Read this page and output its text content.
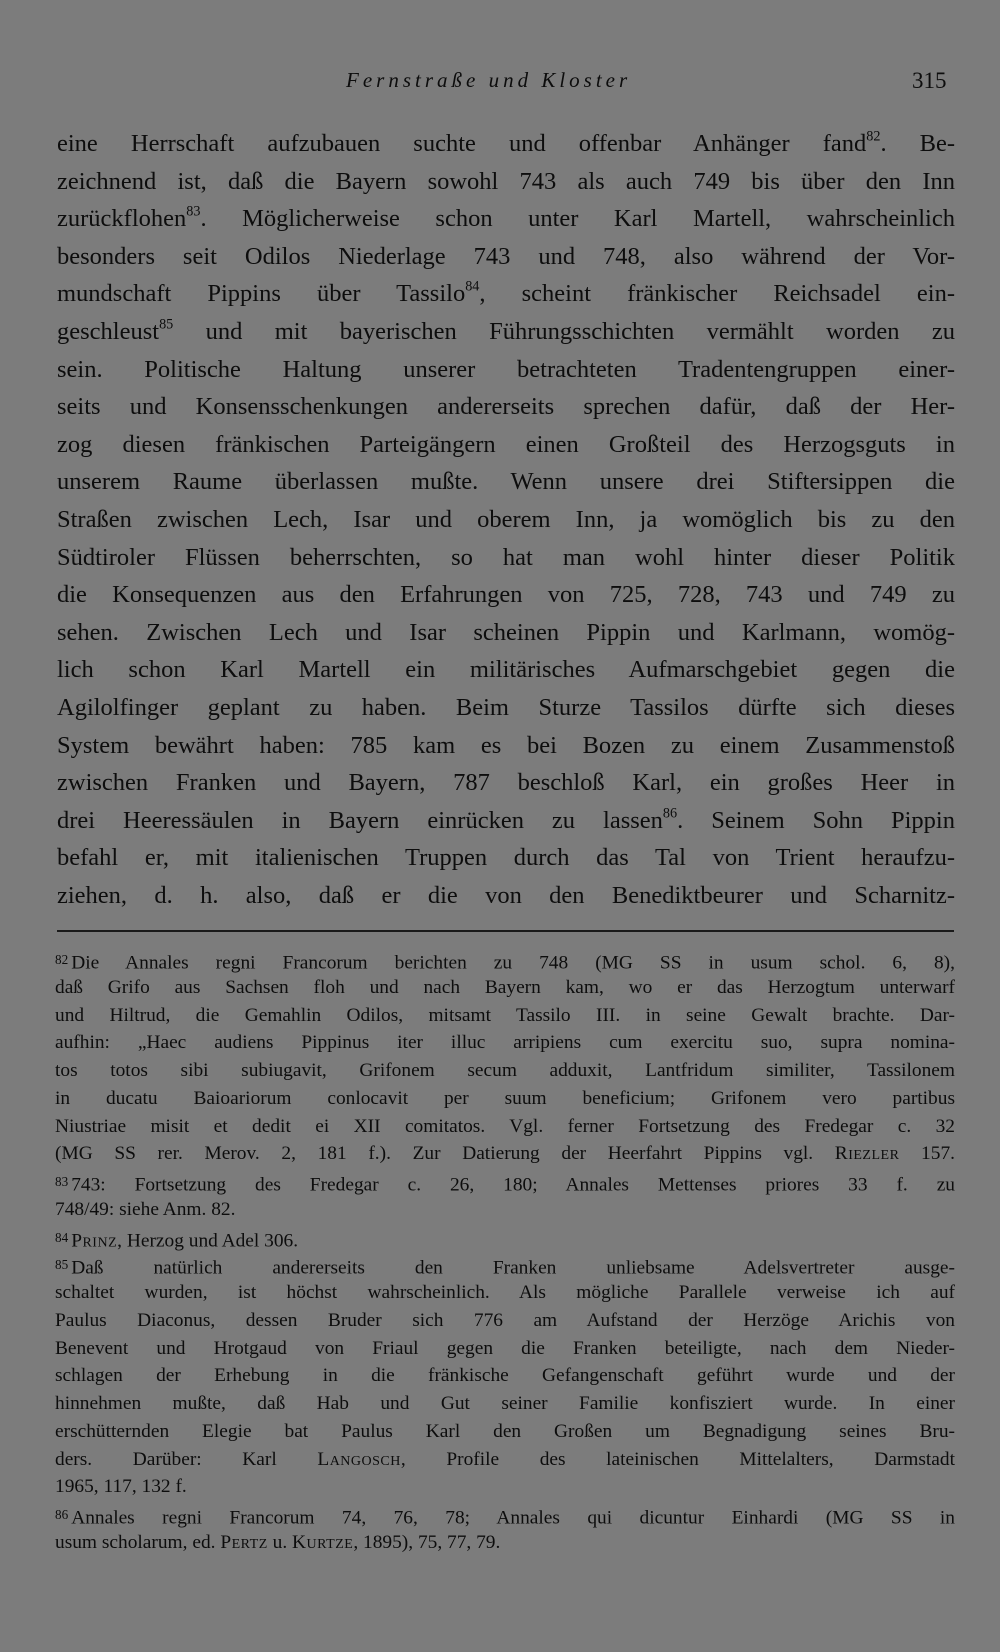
Fernstraße und Kloster	315
eine Herrschaft aufzubauen suchte und offenbar Anhänger fand$^{82}$. Be-
zeichnend ist, daß die Bayern sowohl 743 als auch 749 bis über den Inn
zurückflohen$^{83}$. Möglicherweise schon unter Karl Martell, wahrscheinlich
besonders seit Odilos Niederlage 743 und 748, also während der Vor-
mundschaft Pippins über Tassilo$^{84}$, scheint fränkischer Reichsadel ein-
geschleust$^{85}$ und mit bayerischen Führungsschichten vermählt worden zu
sein. Politische Haltung unserer betrachteten Tradentengruppen einer-
seits und Konsensschenkungen andererseits sprechen dafür, daß der Her-
zog diesen fränkischen Parteigängern einen Großteil des Herzogsguts in
unserem Raume überlassen mußte. Wenn unsere drei Stiftersippen die
Straßen zwischen Lech, Isar und oberem Inn, ja womöglich bis zu den
Südtiroler Flüssen beherrschten, so hat man wohl hinter dieser Politik
die Konsequenzen aus den Erfahrungen von 725, 728, 743 und 749 zu
sehen. Zwischen Lech und Isar scheinen Pippin und Karlmann, womög-
lich schon Karl Martell ein militärisches Aufmarschgebiet gegen die
Agilolfinger geplant zu haben. Beim Sturze Tassilos dürfte sich dieses
System bewährt haben: 785 kam es bei Bozen zu einem Zusammenstoß
zwischen Franken und Bayern, 787 beschloß Karl, ein großes Heer in
drei Heeressäulen in Bayern einrücken zu lassen$^{86}$. Seinem Sohn Pippin
befahl er, mit italienischen Truppen durch das Tal von Trient heraufzu-
ziehen, d. h. also, daß er die von den Benediktbeurer und Scharnitz-
$^{82}$ Die Annales regni Francorum berichten zu 748 (MG SS in usum schol. 6, 8),
daß Grifo aus Sachsen floh und nach Bayern kam, wo er das Herzogtum unterwarf
und Hiltrud, die Gemahlin Odilos, mitsamt Tassilo III. in seine Gewalt brachte. Dar-
aufhin: „Haec audiens Pippinus iter illuc arripiens cum exercitu suo, supra nomina-
tos totos sibi subiugavit, Grifonem secum adduxit, Lantfridum similiter, Tassilonem
in ducatu Baioariorum conlocavit per suum beneficium; Grifonem vero partibus
Niustriae misit et dedit ei XII comitatos. Vgl. ferner Fortsetzung des Fredegar c. 32
(MG SS rer. Merov. 2, 181 f.). Zur Datierung der Heerfahrt Pippins vgl. Riezler 157.
$^{83}$ 743: Fortsetzung des Fredegar c. 26, 180; Annales Mettenses priores 33 f. zu
748/49: siehe Anm. 82.
$^{84}$ Prinz, Herzog und Adel 306.
$^{85}$ Daß natürlich andererseits den Franken unliebsame Adelsvertreter ausge-
schaltet wurden, ist höchst wahrscheinlich. Als mögliche Parallele verweise ich auf
Paulus Diaconus, dessen Bruder sich 776 am Aufstand der Herzöge Arichis von
Benevent und Hrotgaud von Friaul gegen die Franken beteiligte, nach dem Nieder-
schlagen der Erhebung in die fränkische Gefangenschaft geführt wurde und der
hinnehmen mußte, daß Hab und Gut seiner Familie konfisziert wurde. In einer
erschütternden Elegie bat Paulus Karl den Großen um Begnadigung seines Bru-
ders. Darüber: Karl Langosch, Profile des lateinischen Mittelalters, Darmstadt
1965, 117, 132 f.
$^{86}$ Annales regni Francorum 74, 76, 78; Annales qui dicuntur Einhardi (MG SS in
usum scholarum, ed. Pertz u. Kurtze, 1895), 75, 77, 79.
